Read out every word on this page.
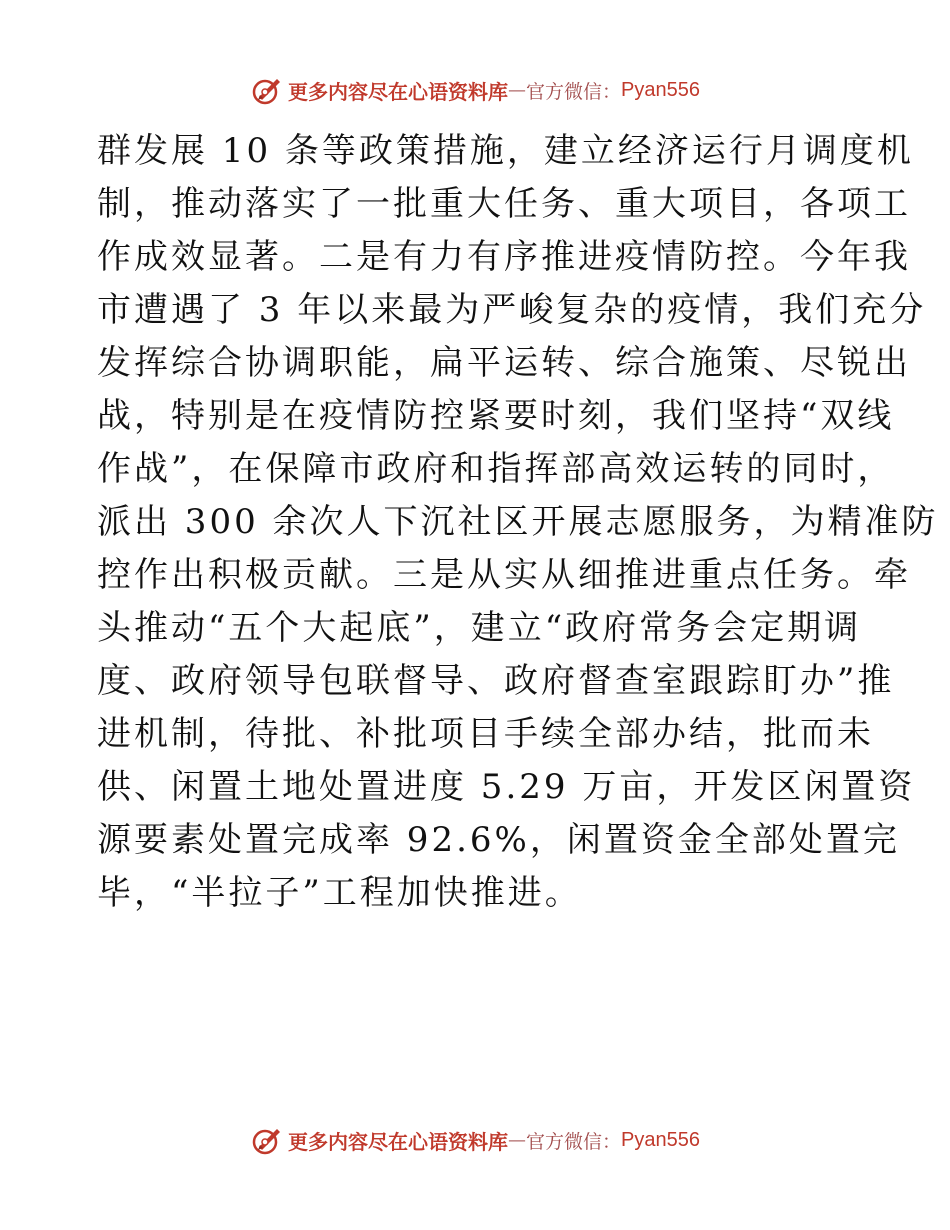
更多内容尽在心语资料库 — 官方微信： Pyan556
群发展 10 条等政策措施，建立经济运行月调度机
制，推动落实了一批重大任务、重大项目，各项工
作成效显著。二是有力有序推进疫情防控。今年我
市遭遇了 3 年以来最为严峻复杂的疫情，我们充分
发挥综合协调职能，扁平运转、综合施策、尽锐出
战，特别是在疫情防控紧要时刻，我们坚持“双线
作战”，在保障市政府和指挥部高效运转的同时，
派出 300 余次人下沉社区开展志愿服务，为精准防
控作出积极贡献。三是从实从细推进重点任务。牵
头推动“五个大起底”，建立“政府常务会定期调
度、政府领导包联督导、政府督查室跟踪盯办”推
进机制，待批、补批项目手续全部办结，批而未
供、闲置土地处置进度 5.29 万亩，开发区闲置资
源要素处置完成率 92.6%，闲置资金全部处置完
毕，“半拉子”工程加快推进。
更多内容尽在心语资料库 — 官方微信： Pyan556
